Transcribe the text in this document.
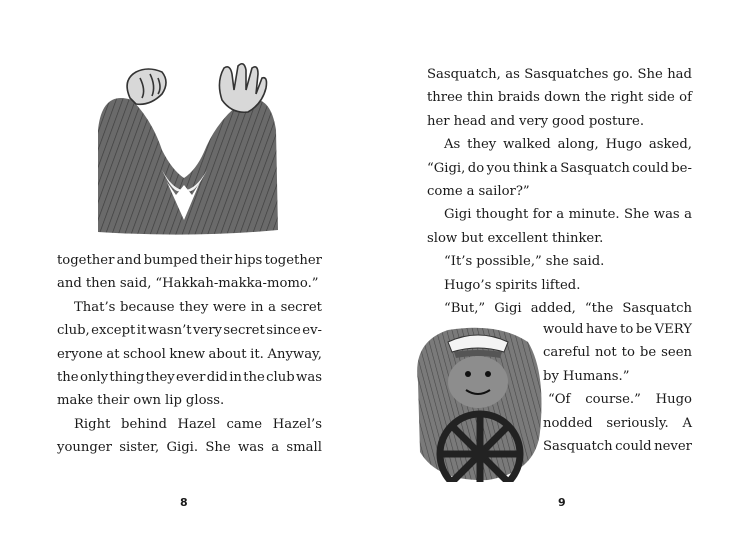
together and bumped their hips together
and then said, “Hakkah-makka-momo.”
That’s because they were in a secret
club, except it wasn’t very secret since ev-
eryone at school knew about it. Anyway,
the only thing they ever did in the club was
make their own lip gloss.
Right behind Hazel came Hazel’s
younger sister, Gigi. She was a small
8
Sasquatch, as Sasquatches go. She had
three thin braids down the right side of
her head and very good posture.
As they walked along, Hugo asked,
“Gigi, do you think a Sasquatch could be-
come a sailor?”
Gigi thought for a minute. She was a
slow but excellent thinker.
“It’s possible,” she said.
Hugo’s spirits lifted.
“But,” Gigi added, “the Sasquatch
would have to be VERY
careful not to be seen
by Humans.”
“Of course.” Hugo
nodded seriously. A
Sasquatch could never
9
